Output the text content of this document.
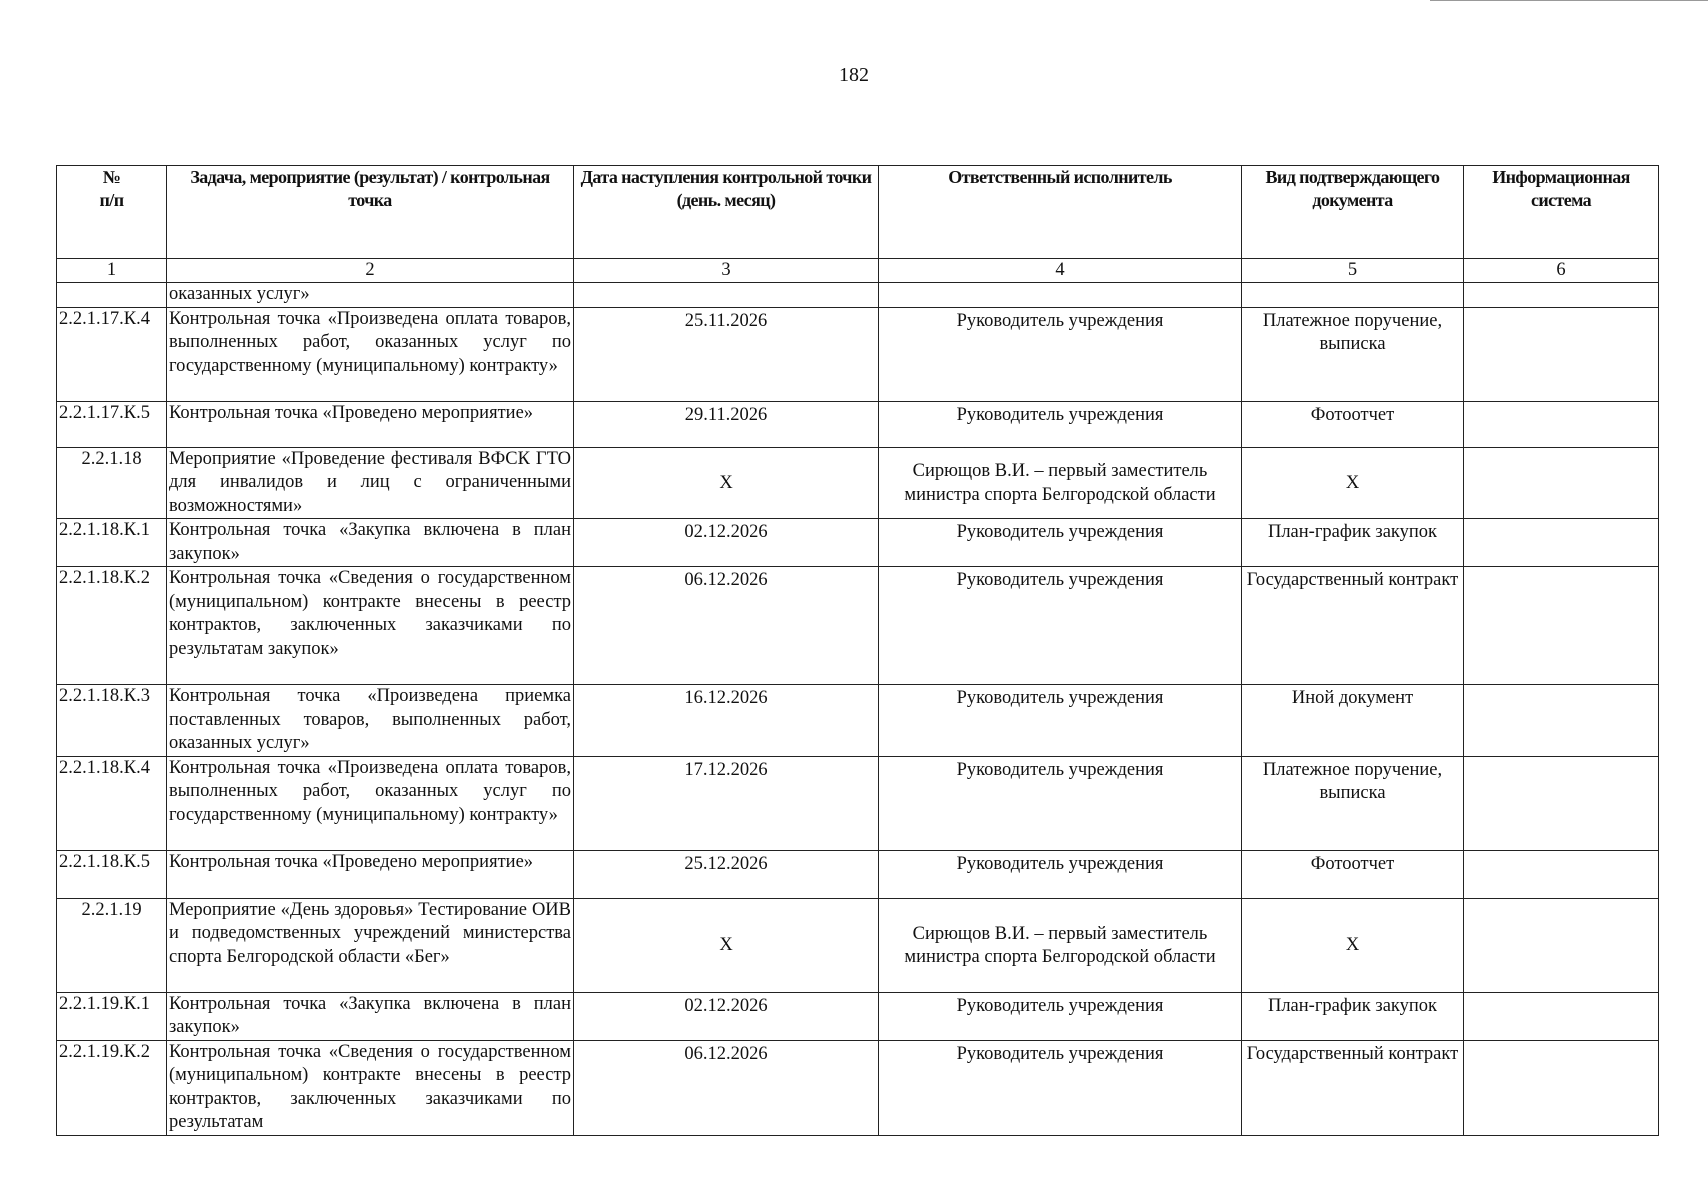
182
№
п/п	Задача, мероприятие (результат) / контрольная точка	Дата наступления контрольной точки (день. месяц)	Ответственный исполнитель	Вид подтверждающего документа	Информационная система
1	2	3	4	5	6
	оказанных услуг»				
2.2.1.17.К.4	Контрольная точка «Произведена оплата товаров, выполненных работ, оказанных услуг по государственному (муниципальному) контракту»	25.11.2026	Руководитель учреждения	Платежное поручение, выписка	
2.2.1.17.К.5	Контрольная точка «Проведено мероприятие»	29.11.2026	Руководитель учреждения	Фотоотчет	
2.2.1.18	Мероприятие «Проведение фестиваля ВФСК ГТО для инвалидов и лиц с ограниченными возможностями»	Х	Сирющов В.И. – первый заместитель министра спорта Белгородской области	Х	
2.2.1.18.К.1	Контрольная точка «Закупка включена в план закупок»	02.12.2026	Руководитель учреждения	План-график закупок	
2.2.1.18.К.2	Контрольная точка «Сведения о государственном (муниципальном) контракте внесены в реестр контрактов, заключенных заказчиками по результатам закупок»	06.12.2026	Руководитель учреждения	Государственный контракт	
2.2.1.18.К.3	Контрольная точка «Произведена приемка поставленных товаров, выполненных работ, оказанных услуг»	16.12.2026	Руководитель учреждения	Иной документ	
2.2.1.18.К.4	Контрольная точка «Произведена оплата товаров, выполненных работ, оказанных услуг по государственному (муниципальному) контракту»	17.12.2026	Руководитель учреждения	Платежное поручение, выписка	
2.2.1.18.К.5	Контрольная точка «Проведено мероприятие»	25.12.2026	Руководитель учреждения	Фотоотчет	
2.2.1.19	Мероприятие «День здоровья» Тестирование ОИВ и подведомственных учреждений министерства спорта Белгородской области «Бег»	Х	Сирющов В.И. – первый заместитель министра спорта Белгородской области	Х	
2.2.1.19.К.1	Контрольная точка «Закупка включена в план закупок»	02.12.2026	Руководитель учреждения	План-график закупок	
2.2.1.19.К.2	Контрольная точка «Сведения о государственном (муниципальном) контракте внесены в реестр контрактов, заключенных заказчиками по результатам	06.12.2026	Руководитель учреждения	Государственный контракт	
